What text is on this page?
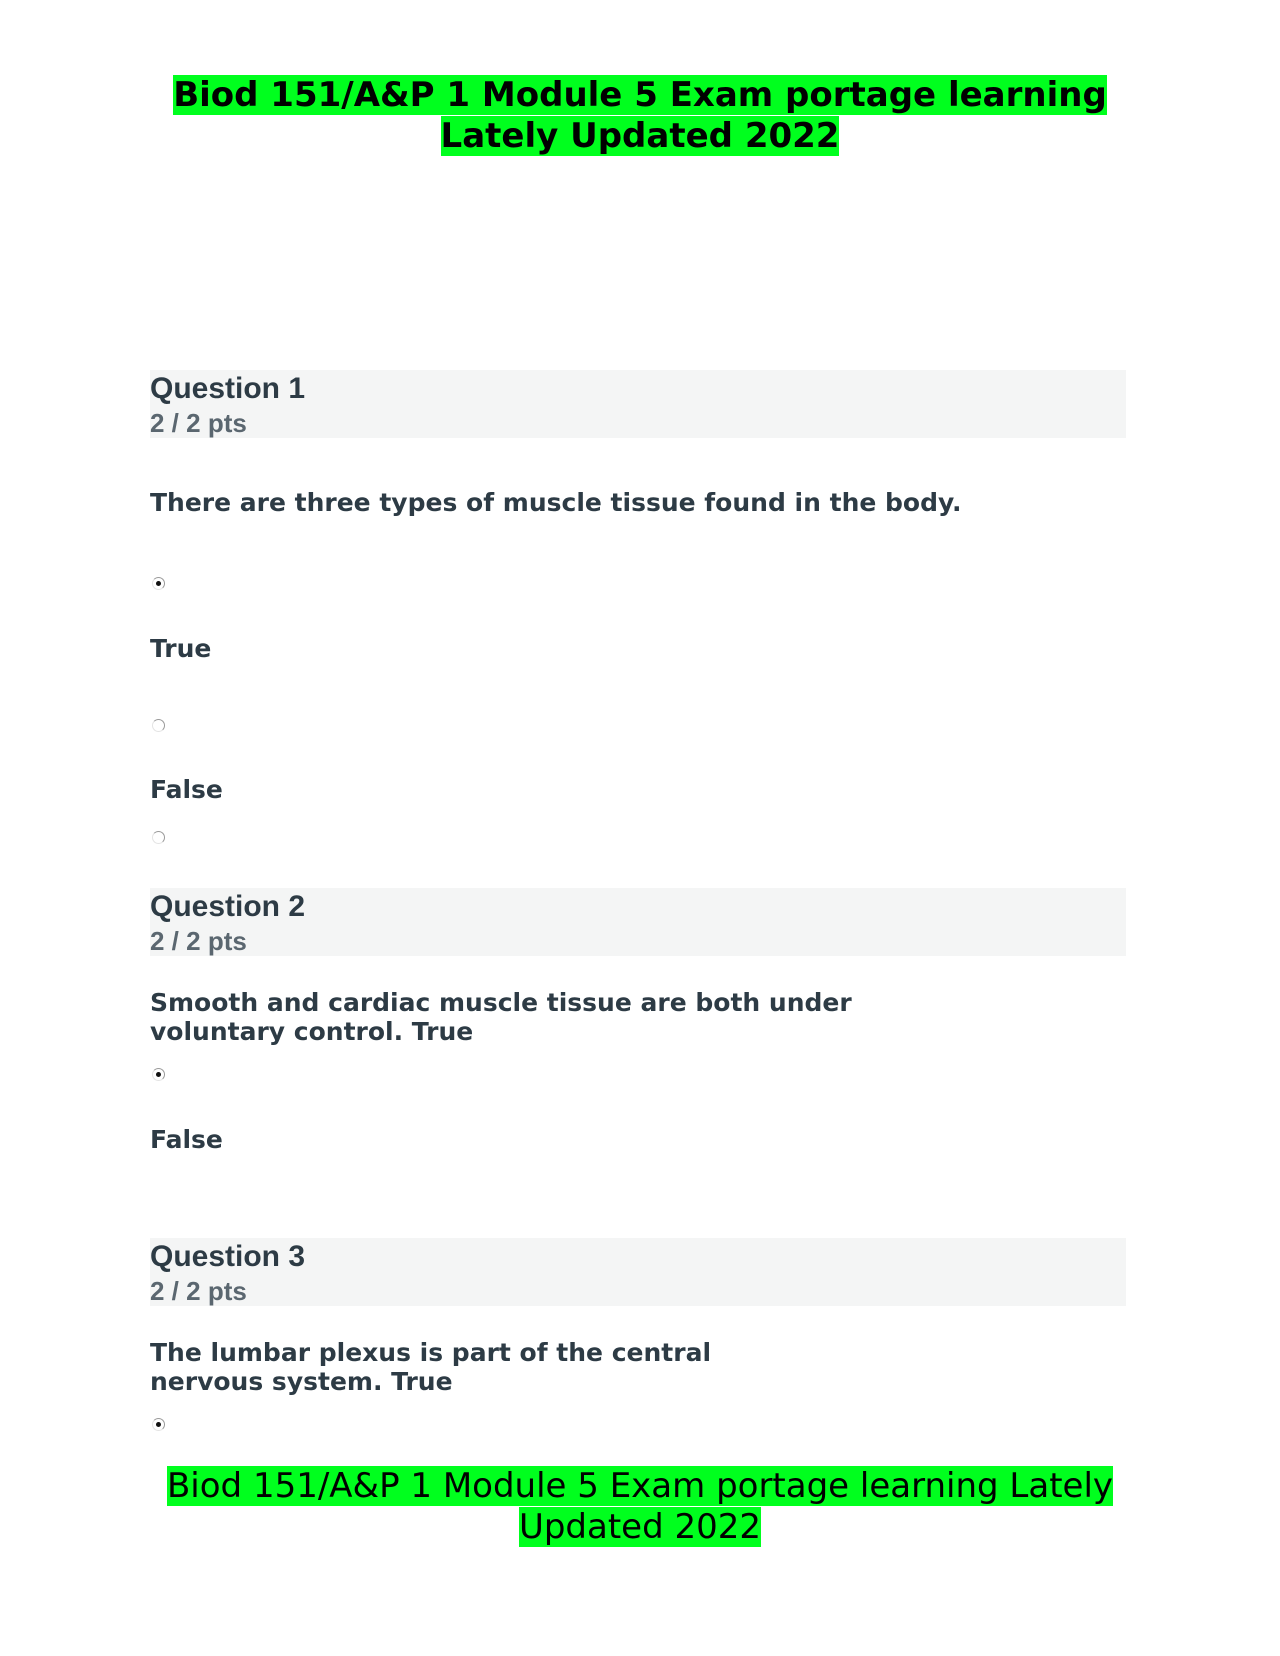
Biod 151/A&P 1 Module 5 Exam portage learning
Lately Updated 2022
Question 1
2 / 2 pts
There are three types of muscle tissue found in the body.
True
False
Question 2
2 / 2 pts
Smooth and cardiac muscle tissue are both under
voluntary control. True
False
Question 3
2 / 2 pts
The lumbar plexus is part of the central
nervous system. True
Biod 151/A&P 1 Module 5 Exam portage learning Lately
Updated 2022
